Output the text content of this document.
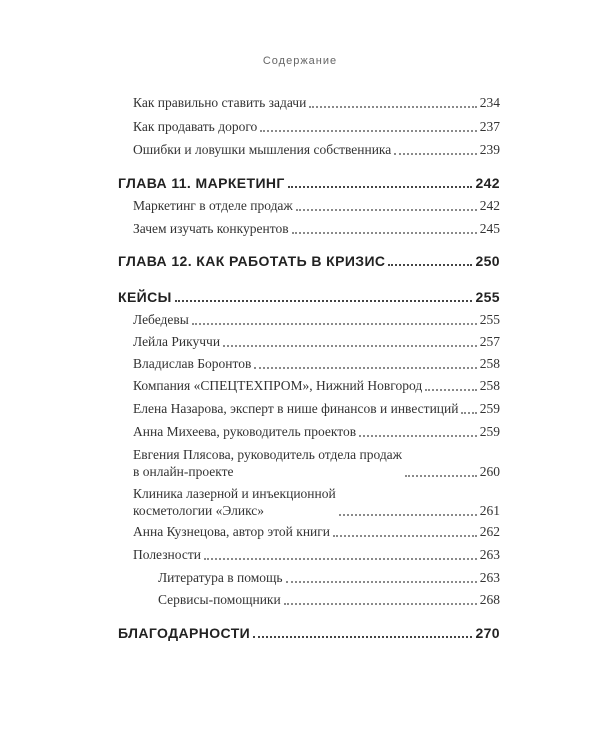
Содержание
Как правильно ставить задачи	234
Как продавать дорого	237
Ошибки и ловушки мышления собственника	239
ГЛАВА 11. МАРКЕТИНГ	242
Маркетинг в отделе продаж	242
Зачем изучать конкурентов	245
ГЛАВА 12. КАК РАБОТАТЬ В КРИЗИС	250
КЕЙСЫ	255
Лебедевы	255
Лейла Рикуччи	257
Владислав Боронтов	258
Компания «СПЕЦТЕХПРОМ», Нижний Новгород	258
Елена Назарова, эксперт в нише финансов и инвестиций 259
Анна Михеева, руководитель проектов	259
Евгения Плясова, руководитель отдела продаж
в онлайн-проекте	260
Клиника лазерной и инъекционной
косметологии «Эликс»	261
Анна Кузнецова, автор этой книги	262
Полезности	263
Литература в помощь	263
Сервисы-помощники	268
БЛАГОДАРНОСТИ	270
